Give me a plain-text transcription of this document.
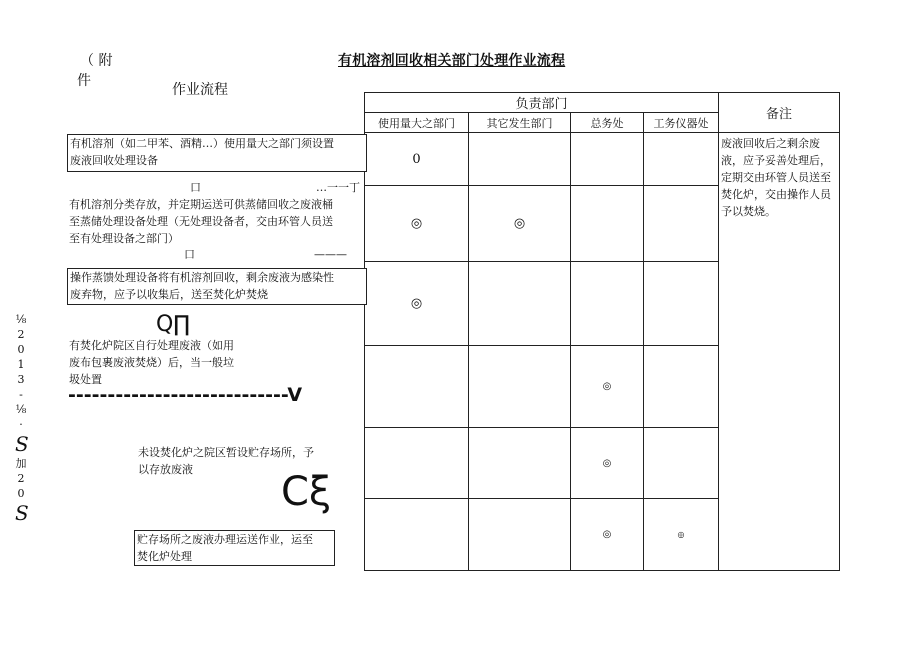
（ 附
件
有机溶剂回收相关部门处理作业流程
作业流程
负责部门				备注
使用量大之部门	其它发生部门	总务处	工务仪器处	
0				废液回收后之剩余废
液，应予妥善处理后，
定期交由环管人员送至
焚化炉，交由操作人员
予以焚烧。

◎	◎			
◎				
		◎		
		◎		
		◎	◎	
有机溶剂（如二甲苯、酒精…）使用量大之部门须设置
废液回收处理设备
口	…一一丁
有机溶剂分类存放，并定期运送可供蒸储回收之废液桶
至蒸储处理设备处理（无处理设备者，交由环管人员送
至有处理设备之部门）
口	———
操作蒸馈处理设备将有机溶剂回收，剩余废液为感染性
废弃物，应予以收集后，送至焚化炉焚烧
Q∏
有焚化炉院区自行处理废液（如用
废布包裹废液焚烧）后，当一般垃
圾处置
----------------------------V
未设焚化炉之院区暂设贮存场所，予
以存放废液	Cξ
贮存场所之废液办理运送作业，运至
焚化炉处理
⅛
2
0
1
3
-
⅛
·
S
加
2
0
S
